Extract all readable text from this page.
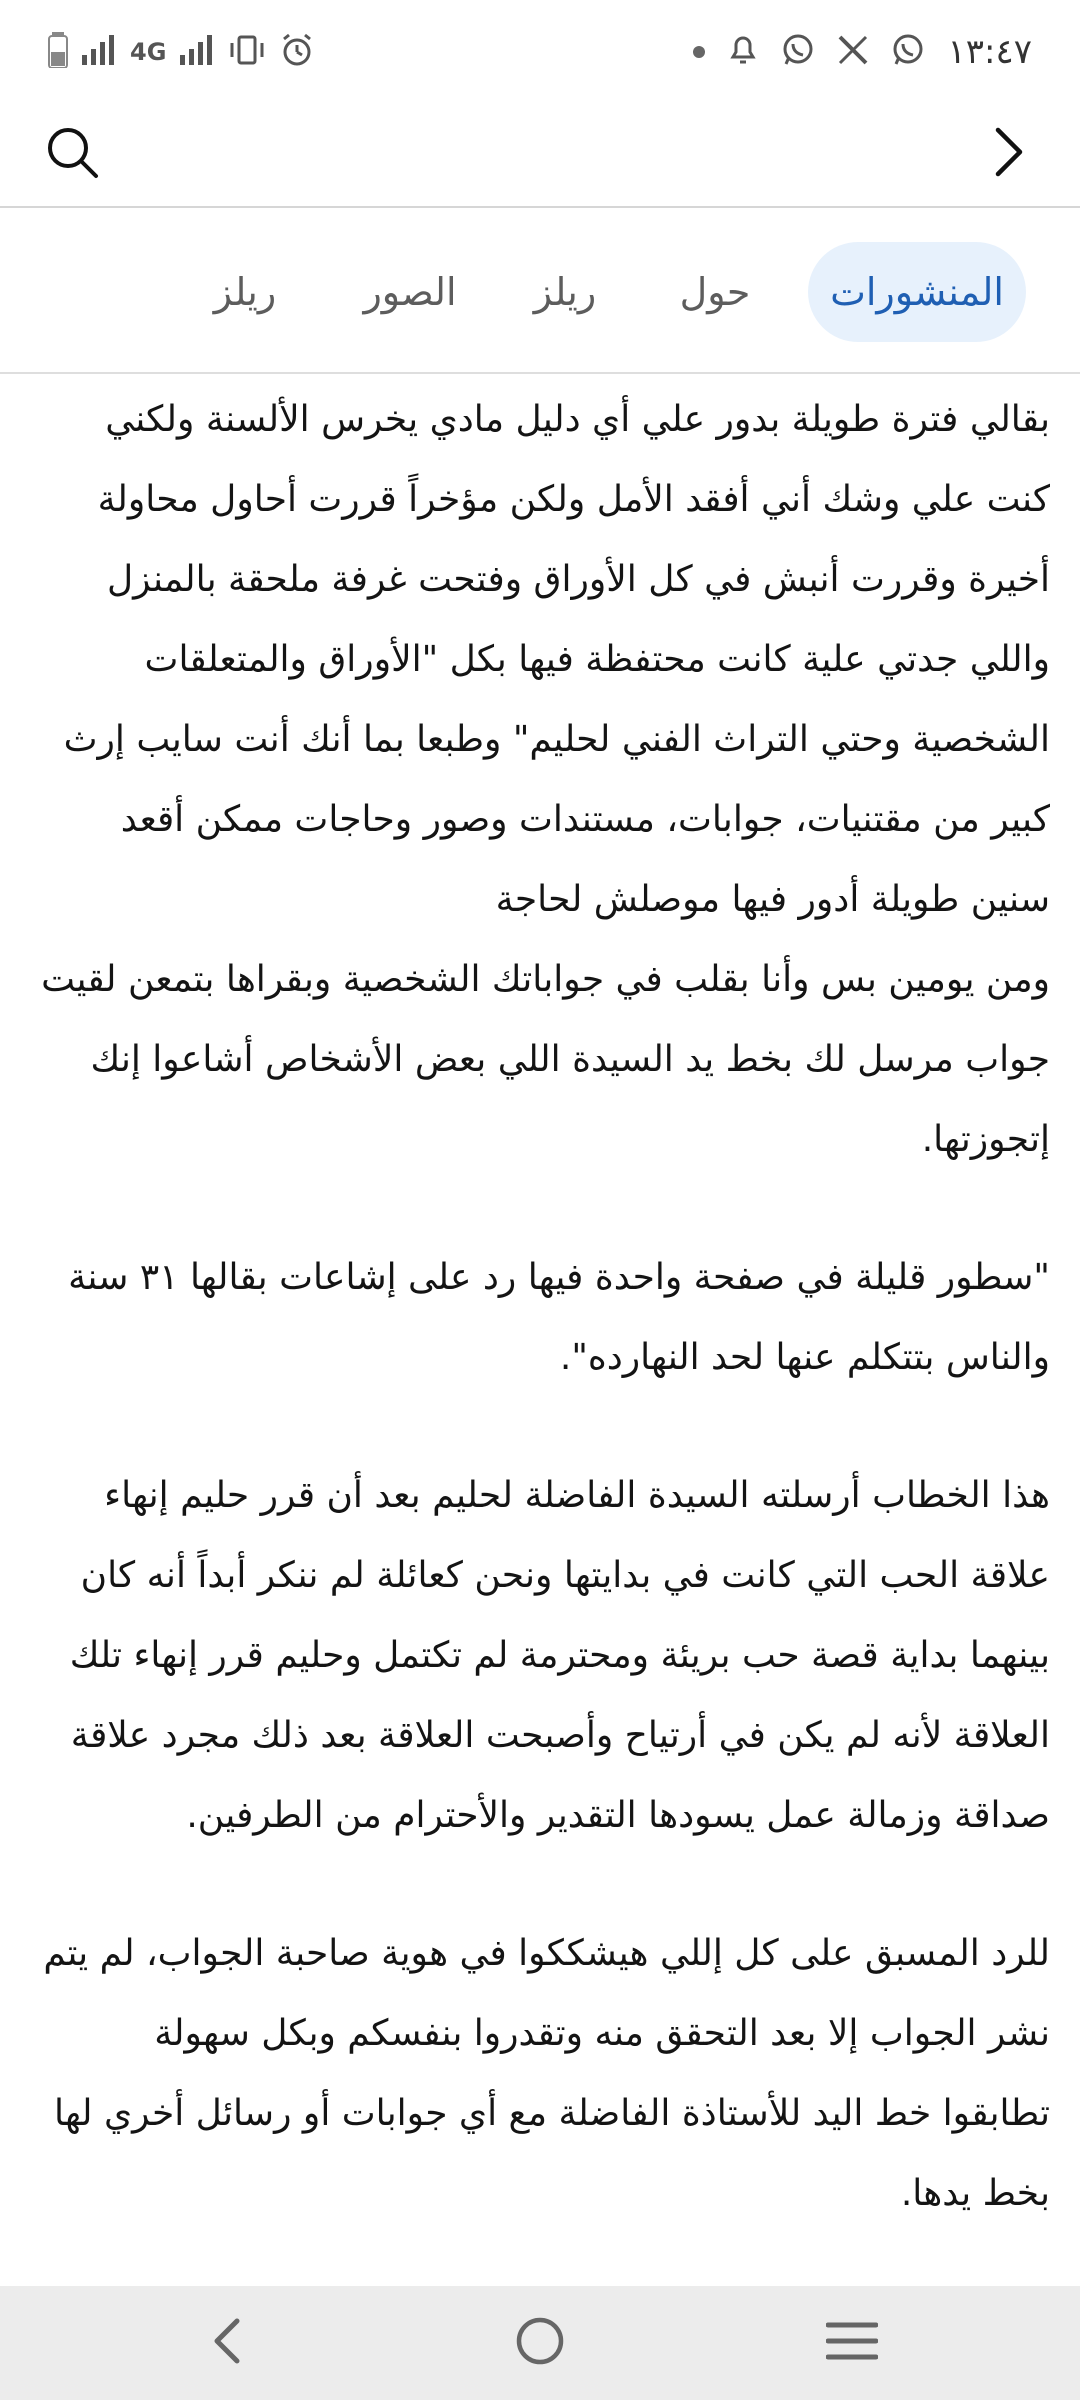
4G	١٣:٤٧
المنشورات
حول
ريلز
الصور
ريلز

بقالي فترة طويلة بدور علي أي دليل مادي يخرس الألسنة ولكني كنت علي وشك أني أفقد الأمل ولكن مؤخراً قررت أحاول محاولة أخيرة وقررت أنبش في كل الأوراق وفتحت غرفة ملحقة بالمنزل واللي جدتي علية كانت محتفظة فيها بكل "الأوراق والمتعلقات الشخصية وحتي التراث الفني لحليم" وطبعا بما أنك أنت سايب إرث كبير من مقتنيات، جوابات، مستندات وصور وحاجات ممكن أقعد سنين طويلة أدور فيها موصلش لحاجة
ومن يومين بس وأنا بقلب في جواباتك الشخصية وبقراها بتمعن لقيت جواب مرسل لك بخط يد السيدة اللي بعض الأشخاص أشاعوا إنك إتجوزتها.

"سطور قليلة في صفحة واحدة فيها رد على إشاعات بقالها ٣١ سنة والناس بتتكلم عنها لحد النهارده".

هذا الخطاب أرسلته السيدة الفاضلة لحليم بعد أن قرر حليم إنهاء علاقة الحب التي كانت في بدايتها ونحن كعائلة لم ننكر أبداً أنه كان بينهما بداية قصة حب بريئة ومحترمة لم تكتمل وحليم قرر إنهاء تلك العلاقة لأنه لم يكن في أرتياح وأصبحت العلاقة بعد ذلك مجرد علاقة صداقة وزمالة عمل يسودها التقدير والأحترام من الطرفين.

للرد المسبق على كل إللي هيشككوا في هوية صاحبة الجواب، لم يتم نشر الجواب إلا بعد التحقق منه وتقدروا بنفسكم وبكل سهولة تطابقوا خط اليد للأستاذة الفاضلة مع أي جوابات أو رسائل أخري لها بخط يدها.
